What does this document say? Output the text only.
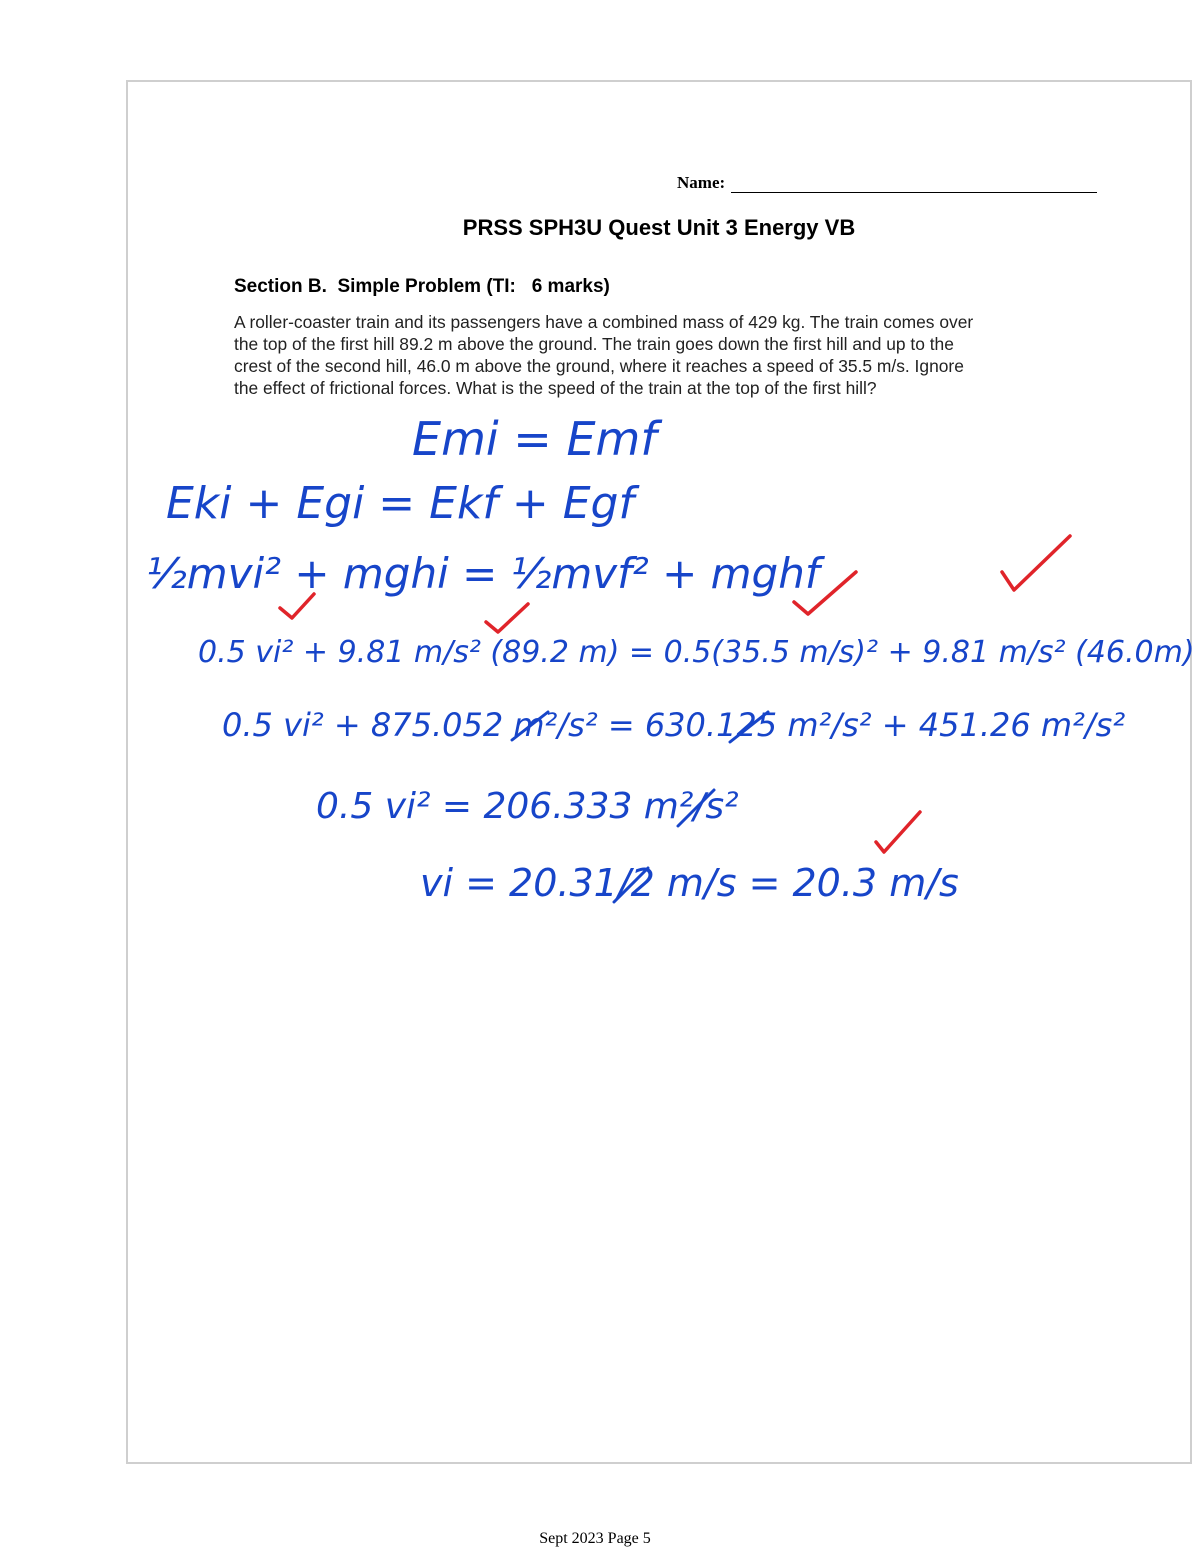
Name:
PRSS SPH3U Quest Unit 3 Energy VB
Section B.  Simple Problem (TI:   6 marks)
A roller-coaster train and its passengers have a combined mass of 429 kg. The train comes over
the top of the first hill 89.2 m above the ground. The train goes down the first hill and up to the
crest of the second hill, 46.0 m above the ground, where it reaches a speed of 35.5 m/s. Ignore
the effect of frictional forces. What is the speed of the train at the top of the first hill?
Emi = Emf
Eki + Egi = Ekf + Egf
½mvi² + mghi = ½mvf² + mghf
0.5 vi² + 9.81 m/s² (89.2 m) = 0.5(35.5 m/s)² + 9.81 m/s² (46.0m)
0.5 vi² + 875.052 m²/s² = 630.125 m²/s² + 451.26 m²/s²
0.5 vi² = 206.333 m²/s²
vi = 20.31/2 m/s = 20.3 m/s
Sept 2023 Page 5
